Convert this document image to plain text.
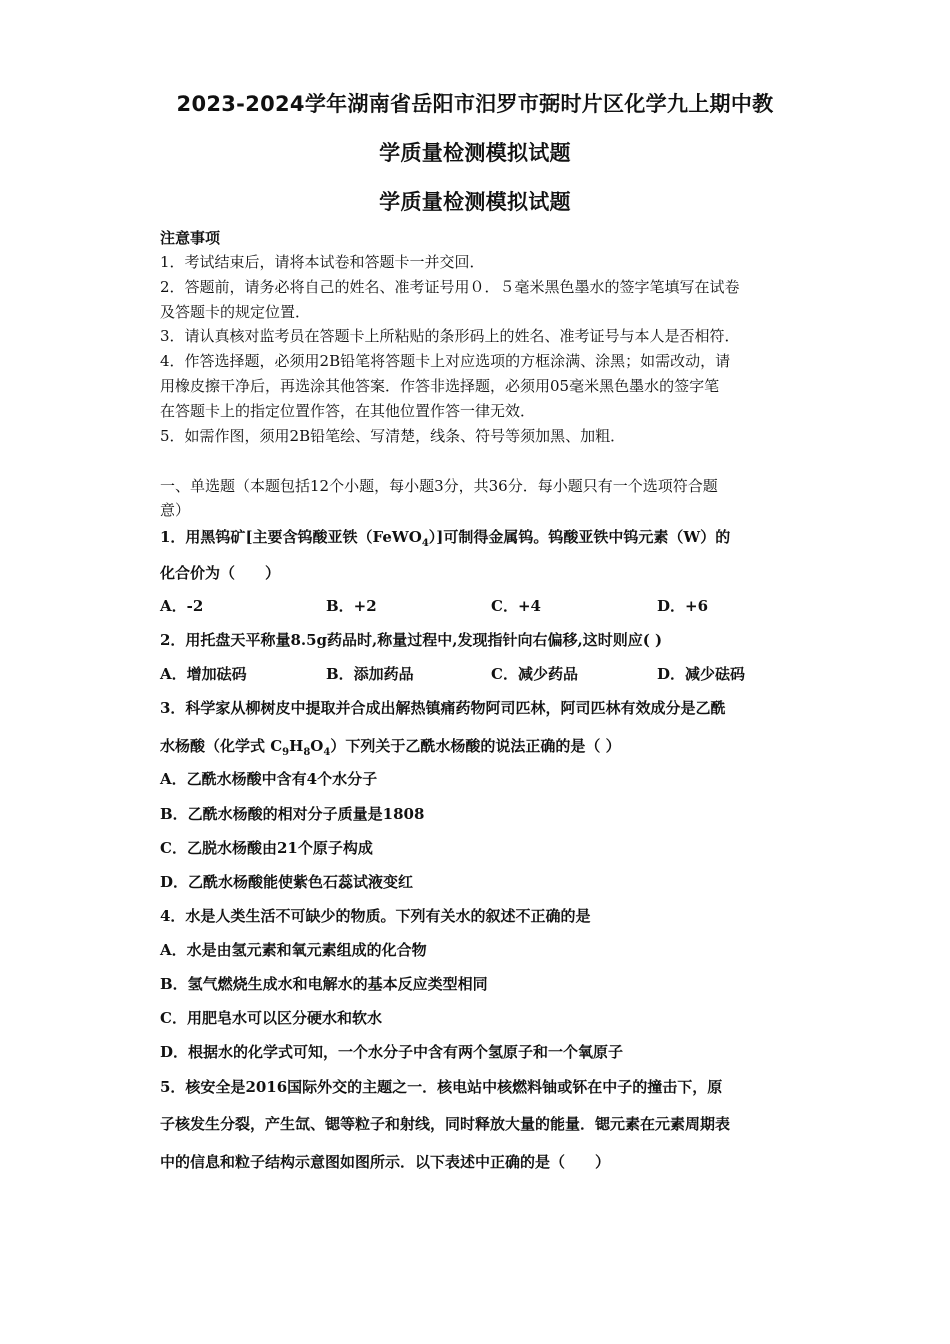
2023-2024学年湖南省岳阳市汨罗市弼时片区化学九上期中教
学质量检测模拟试题
学质量检测模拟试题
注意事项
1．考试结束后，请将本试卷和答题卡一并交回．
2．答题前，请务必将自己的姓名、准考证号用０．５毫米黑色墨水的签字笔填写在试卷
及答题卡的规定位置．
3．请认真核对监考员在答题卡上所粘贴的条形码上的姓名、准考证号与本人是否相符．
4．作答选择题，必须用2B铅笔将答题卡上对应选项的方框涂满、涂黑；如需改动，请
用橡皮擦干净后，再选涂其他答案．作答非选择题，必须用05毫米黑色墨水的签字笔
在答题卡上的指定位置作答，在其他位置作答一律无效．
5．如需作图，须用2B铅笔绘、写清楚，线条、符号等须加黑、加粗．
一、单选题（本题包括12个小题，每小题3分，共36分．每小题只有一个选项符合题
意）
1．用黑钨矿[主要含钨酸亚铁（FeWO$_4$）]可制得金属钨。钨酸亚铁中钨元素（W）的
化合价为（　　）
A．-2	B．+2	C．+4	D．+6
2．用托盘天平称量8.5g药品时,称量过程中,发现指针向右偏移,这时则应( )
A．增加砝码	B．添加药品	C．减少药品	D．减少砝码
3．科学家从柳树皮中提取并合成出解热镇痛药物阿司匹林，阿司匹林有效成分是乙酰
水杨酸（化学式 $C_9H_8O_4$）下列关于乙酰水杨酸的说法正确的是（ ）
A．乙酰水杨酸中含有4个水分子
B．乙酰水杨酸的相对分子质量是1808
C．乙脱水杨酸由21个原子构成
D．乙酰水杨酸能使紫色石蕊试液变红
4．水是人类生活不可缺少的物质。下列有关水的叙述不正确的是
A．水是由氢元素和氧元素组成的化合物
B．氢气燃烧生成水和电解水的基本反应类型相同
C．用肥皂水可以区分硬水和软水
D．根据水的化学式可知，一个水分子中含有两个氢原子和一个氧原子
5．核安全是2016国际外交的主题之一．核电站中核燃料铀或钚在中子的撞击下，原
子核发生分裂，产生氙、锶等粒子和射线，同时释放大量的能量．锶元素在元素周期表
中的信息和粒子结构示意图如图所示．以下表述中正确的是（　　）
